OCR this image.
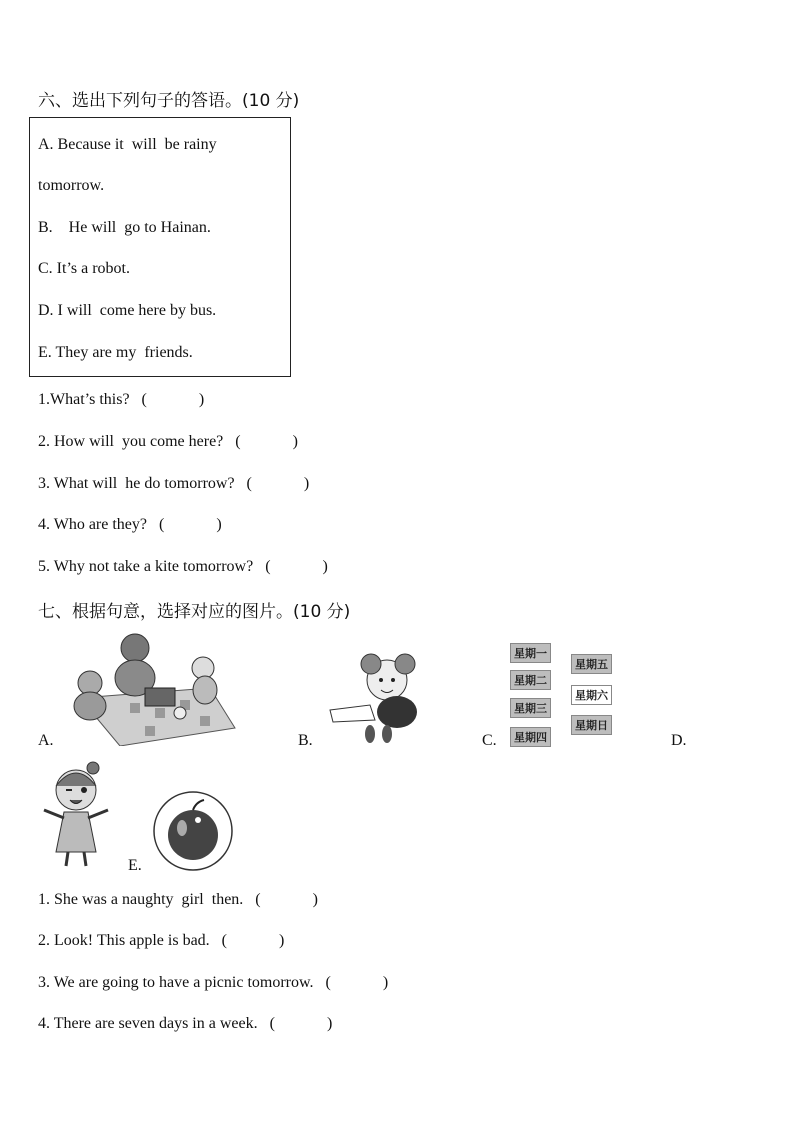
六、选出下列句子的答语。(10 分)
A. Because it  will  be rainy
tomorrow.
B.    He will  go to Hainan.
C. It’s a robot.
D. I will  come here by bus.
E. They are my  friends.
1.What’s this?   (             )
2. How will  you come here?   (             )
3. What will  he do tomorrow?   (             )
4. Who are they?   (             )
5. Why not take a kite tomorrow?   (             )
七、根据句意，选择对应的图片。(10 分)
A.	B.	C.
星期一
星期二
星期三
星期四
星期五
星期六
星期日
D.
E.
1. She was a naughty  girl  then.   (             )
2. Look! This apple is bad.   (             )
3. We are going to have a picnic tomorrow.   (             )
4. There are seven days in a week.   (             )
